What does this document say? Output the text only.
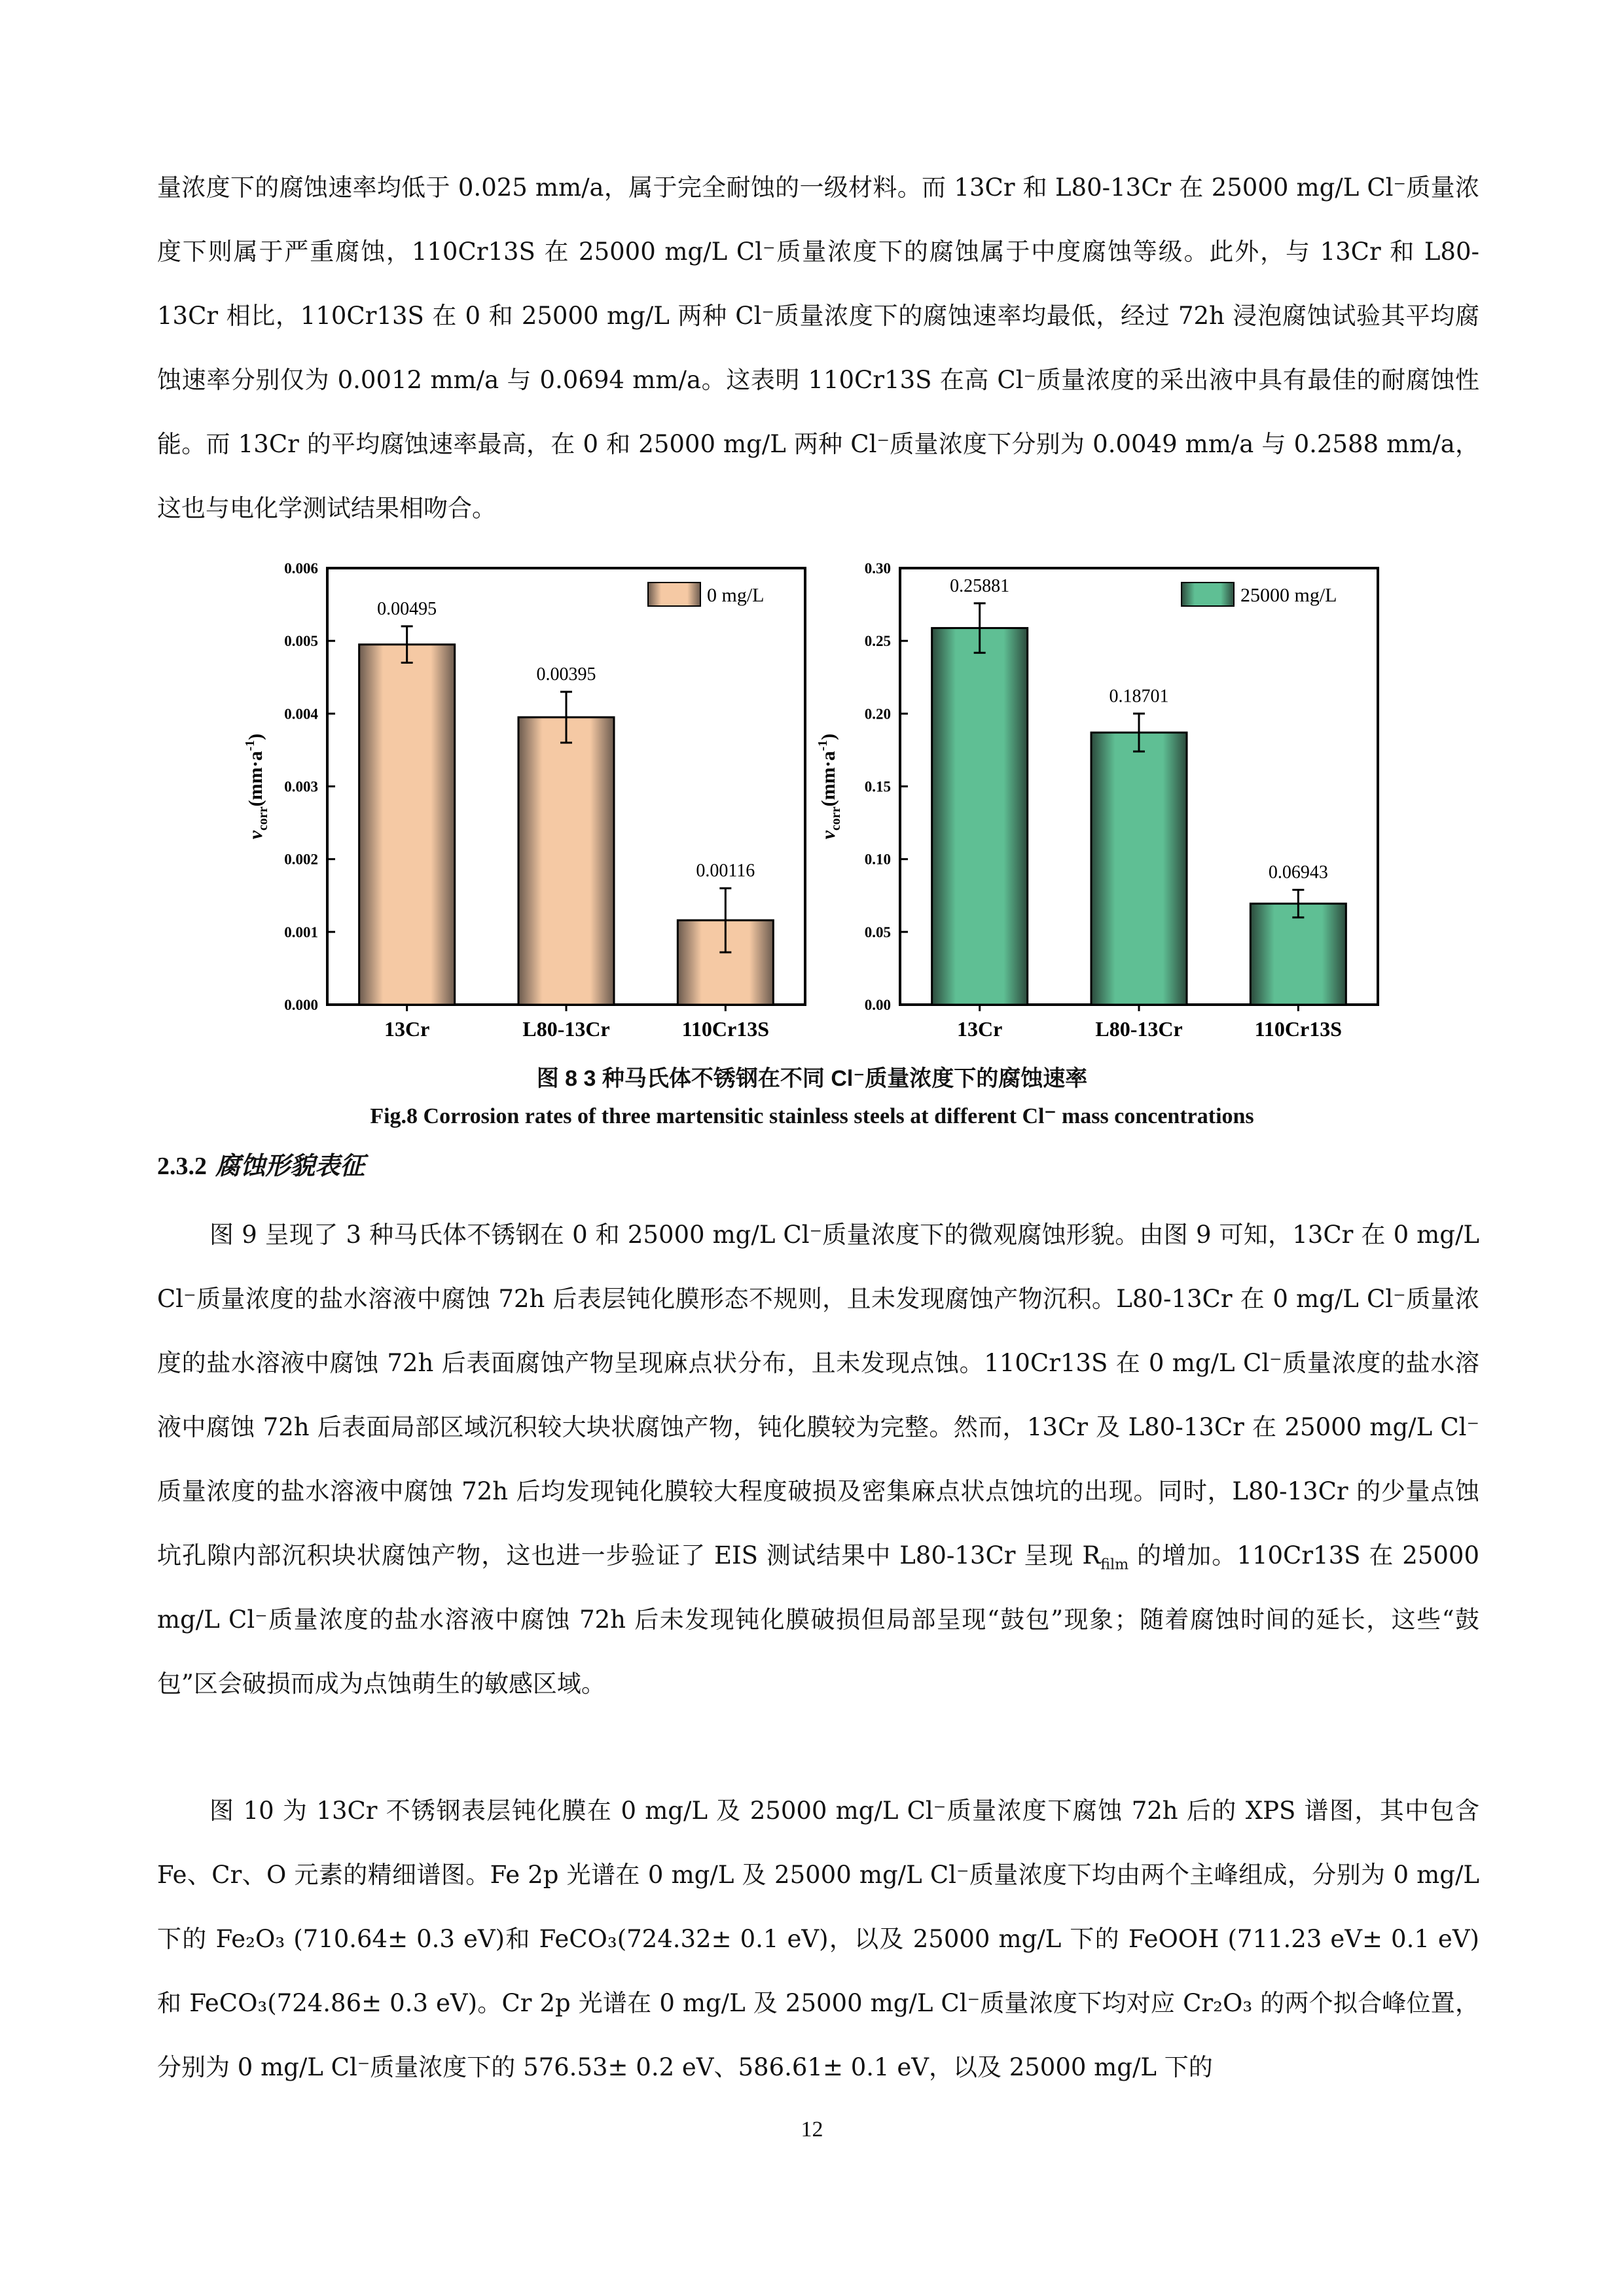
量浓度下的腐蚀速率均低于 0.025 mm/a，属于完全耐蚀的一级材料。而 13Cr 和 L80-13Cr 在 25000 mg/L Cl⁻质量浓度下则属于严重腐蚀，110Cr13S 在 25000 mg/L Cl⁻质量浓度下的腐蚀属于中度腐蚀等级。此外，与 13Cr 和 L80-13Cr 相比，110Cr13S 在 0 和 25000 mg/L 两种 Cl⁻质量浓度下的腐蚀速率均最低，经过 72h 浸泡腐蚀试验其平均腐蚀速率分别仅为 0.0012 mm/a 与 0.0694 mm/a。这表明 110Cr13S 在高 Cl⁻质量浓度的采出液中具有最佳的耐腐蚀性能。而 13Cr 的平均腐蚀速率最高，在 0 和 25000 mg/L 两种 Cl⁻质量浓度下分别为 0.0049 mm/a 与 0.2588 mm/a，这也与电化学测试结果相吻合。

0.000
0.001
0.002
0.003
0.004
0.005
0.006
$v_{corr}(mm\cdot a^{-1})$
0.00495
13Cr
0.00395
L80-13Cr
0.00116
110Cr13S
0 mg/L
0.00
0.05
0.10
0.15
0.20
0.25
0.30
$v_{corr}(mm\cdot a^{-1})$
0.25881
13Cr
0.18701
L80-13Cr
0.06943
110Cr13S
25000 mg/L

图 8 3 种马氏体不锈钢在不同 Cl⁻质量浓度下的腐蚀速率

Fig.8 Corrosion rates of three martensitic stainless steels at different Cl⁻ mass concentrations

2.3.2 腐蚀形貌表征

图 9 呈现了 3 种马氏体不锈钢在 0 和 25000 mg/L Cl⁻质量浓度下的微观腐蚀形貌。由图 9 可知，13Cr 在 0 mg/L Cl⁻质量浓度的盐水溶液中腐蚀 72h 后表层钝化膜形态不规则，且未发现腐蚀产物沉积。L80-13Cr 在 0 mg/L Cl⁻质量浓度的盐水溶液中腐蚀 72h 后表面腐蚀产物呈现麻点状分布，且未发现点蚀。110Cr13S 在 0 mg/L Cl⁻质量浓度的盐水溶液中腐蚀 72h 后表面局部区域沉积较大块状腐蚀产物，钝化膜较为完整。然而，13Cr 及 L80-13Cr 在 25000 mg/L Cl⁻质量浓度的盐水溶液中腐蚀 72h 后均发现钝化膜较大程度破损及密集麻点状点蚀坑的出现。同时，L80-13Cr 的少量点蚀坑孔隙内部沉积块状腐蚀产物，这也进一步验证了 EIS 测试结果中 L80-13Cr 呈现 $R_{film}$ 的增加。110Cr13S 在 25000 mg/L Cl⁻质量浓度的盐水溶液中腐蚀 72h 后未发现钝化膜破损但局部呈现“鼓包”现象；随着腐蚀时间的延长，这些“鼓包”区会破损而成为点蚀萌生的敏感区域。

图 10 为 13Cr 不锈钢表层钝化膜在 0 mg/L 及 25000 mg/L Cl⁻质量浓度下腐蚀 72h 后的 XPS 谱图，其中包含 Fe、Cr、O 元素的精细谱图。Fe 2p 光谱在 0 mg/L 及 25000 mg/L Cl⁻质量浓度下均由两个主峰组成，分别为 0 mg/L 下的 Fe₂O₃ (710.64± 0.3 eV)和 FeCO₃(724.32± 0.1 eV)，以及 25000 mg/L 下的 FeOOH (711.23 eV± 0.1 eV)和 FeCO₃(724.86± 0.3 eV)。Cr 2p 光谱在 0 mg/L 及 25000 mg/L Cl⁻质量浓度下均对应 Cr₂O₃ 的两个拟合峰位置，分别为 0 mg/L Cl⁻质量浓度下的 576.53± 0.2 eV、586.61± 0.1 eV，以及 25000 mg/L 下的

12
